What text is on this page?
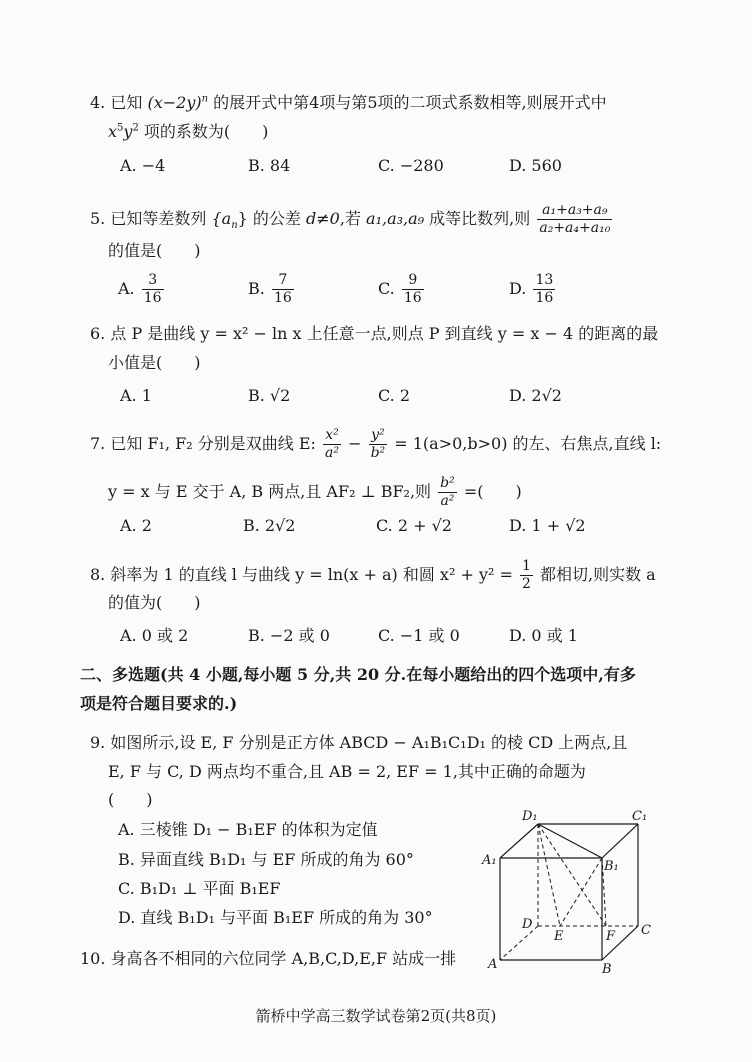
4. 已知 $(x-2y)^n$ 的展开式中第4项与第5项的二项式系数相等,则展开式中
$x^5y^2$ 项的系数为(　　)
A. −4	B. 84	C. −280	D. 560
5. 已知等差数列 $\{a_n\}$ 的公差 d≠0,若 a₁,a₃,a₉ 成等比数列,则 $\frac{\text{a₁+a₃+a₉}}{\text{a₂+a₄+a₁₀}}$
的值是(　　)
A. $\frac{3}{16}$	B. $\frac{7}{16}$	C. $\frac{9}{16}$	D. $\frac{13}{16}$
6. 点 P 是曲线 y = x² − ln x 上任意一点,则点 P 到直线 y = x − 4 的距离的最
小值是(　　)
A. 1	B. √2	C. 2	D. 2√2
7. 已知 F₁, F₂ 分别是双曲线 E: $\frac{\text{x²}}{\text{a²}} - \frac{\text{y²}}{\text{b²}} = 1(a>0,b>0)$ 的左、右焦点,直线 l:
y = x 与 E 交于 A, B 两点,且 AF₂ ⊥ BF₂,则 $\frac{\text{b²}}{\text{a²}}$ =(　　)
A. 2	B. 2√2	C. 2 + √2	D. 1 + √2
8. 斜率为 1 的直线 l 与曲线 y = ln(x + a) 和圆 $x^2 + y^2 = \frac{1}{2}$ 都相切,则实数 a
的值为(　　)
A. 0 或 2	B. −2 或 0	C. −1 或 0	D. 0 或 1
二、多选题(共 4 小题,每小题 5 分,共 20 分.在每小题给出的四个选项中,有多
项是符合题目要求的.)
9. 如图所示,设 E, F 分别是正方体 ABCD − A₁B₁C₁D₁ 的棱 CD 上两点,且
E, F 与 C, D 两点均不重合,且 AB = 2, EF = 1,其中正确的命题为
(　　)
A. 三棱锥 D₁ − B₁EF 的体积为定值
B. 异面直线 B₁D₁ 与 EF 所成的角为 60°
C. B₁D₁ ⊥ 平面 B₁EF
D. 直线 B₁D₁ 与平面 B₁EF 所成的角为 30°
10. 身高各不相同的六位同学 A,B,C,D,E,F 站成一排
D₁	C₁
A₁	B₁
D
E	F C
A	B
箭桥中学高三数学试卷第2页(共8页)
